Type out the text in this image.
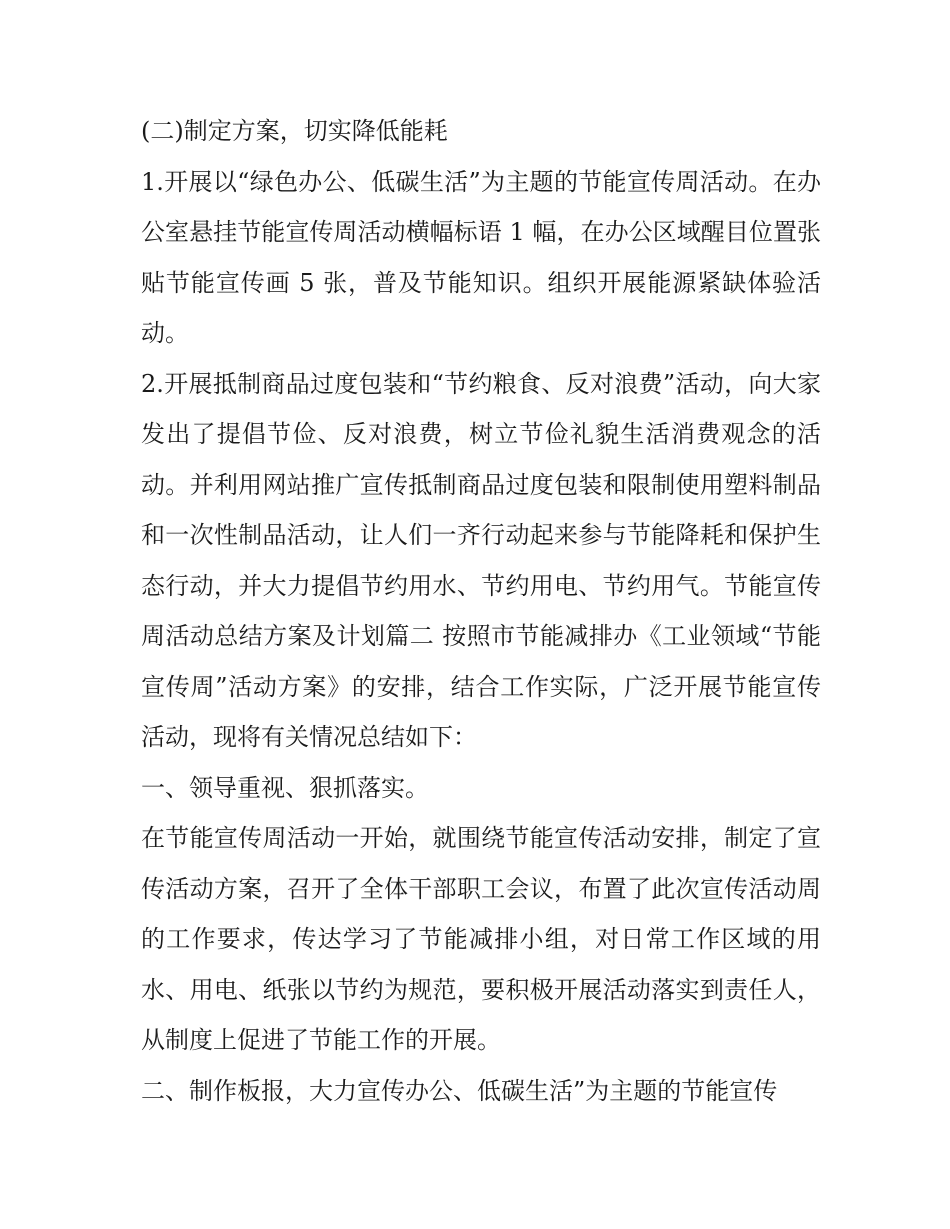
(二)制定方案，切实降低能耗

1.开展以“绿色办公、低碳生活”为主题的节能宣传周活动。在办公室悬挂节能宣传周活动横幅标语 1 幅，在办公区域醒目位置张贴节能宣传画 5 张，普及节能知识。组织开展能源紧缺体验活动。

2.开展抵制商品过度包装和“节约粮食、反对浪费”活动，向大家发出了提倡节俭、反对浪费，树立节俭礼貌生活消费观念的活动。并利用网站推广宣传抵制商品过度包装和限制使用塑料制品和一次性制品活动，让人们一齐行动起来参与节能降耗和保护生态行动，并大力提倡节约用水、节约用电、节约用气。节能宣传周活动总结方案及计划篇二 按照市节能减排办《工业领域“节能宣传周”活动方案》的安排，结合工作实际，广泛开展节能宣传活动，现将有关情况总结如下：

一、领导重视、狠抓落实。

在节能宣传周活动一开始，就围绕节能宣传活动安排，制定了宣传活动方案，召开了全体干部职工会议，布置了此次宣传活动周的工作要求，传达学习了节能减排小组，对日常工作区域的用水、用电、纸张以节约为规范，要积极开展活动落实到责任人，从制度上促进了节能工作的开展。

二、制作板报，大力宣传办公、低碳生活”为主题的节能宣传
